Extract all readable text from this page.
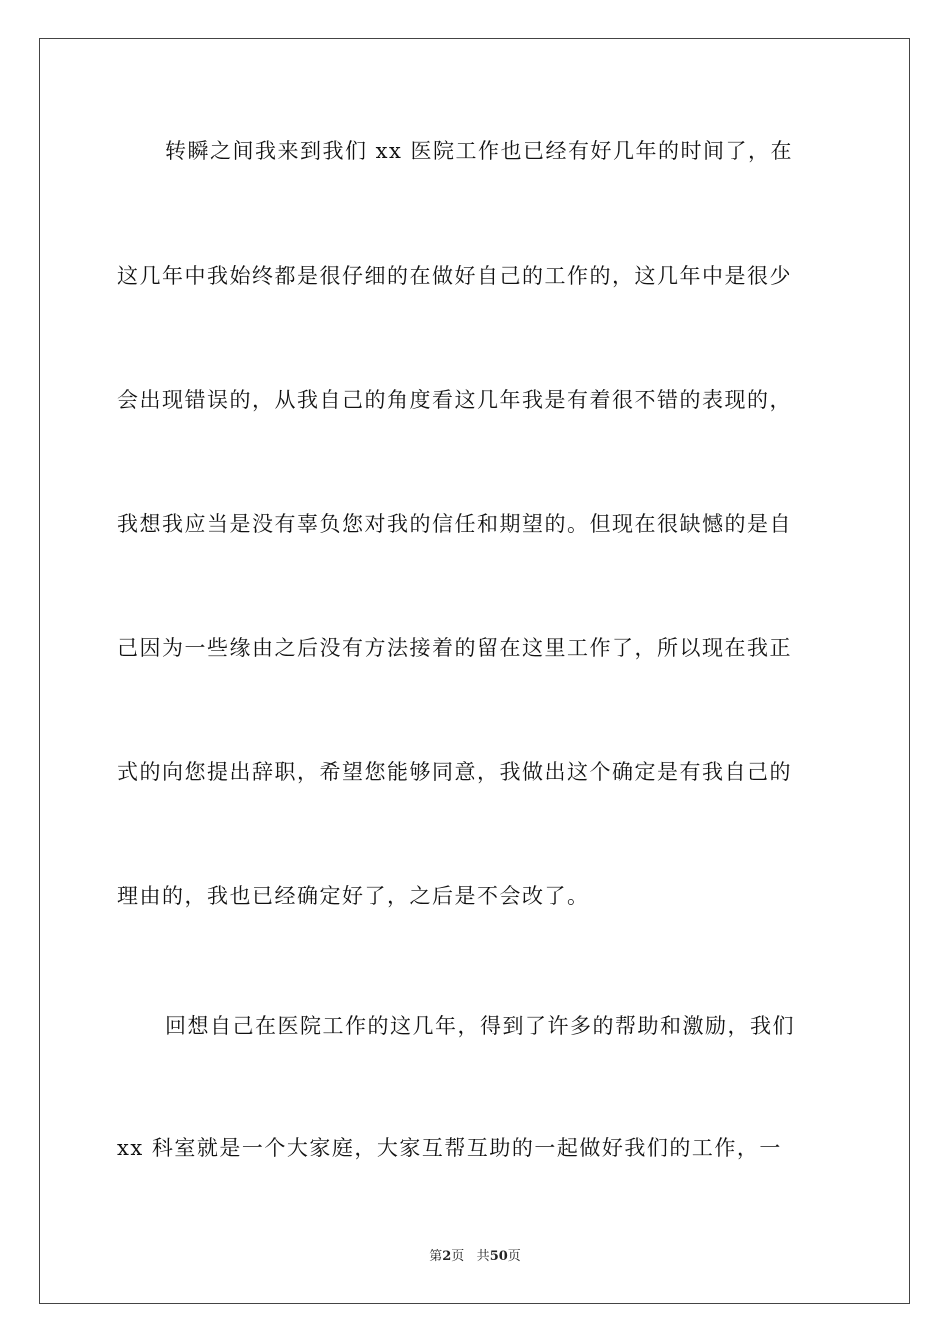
转瞬之间我来到我们 xx 医院工作也已经有好几年的时间了，在
这几年中我始终都是很仔细的在做好自己的工作的，这几年中是很少
会出现错误的，从我自己的角度看这几年我是有着很不错的表现的，
我想我应当是没有辜负您对我的信任和期望的。但现在很缺憾的是自
己因为一些缘由之后没有方法接着的留在这里工作了，所以现在我正
式的向您提出辞职，希望您能够同意，我做出这个确定是有我自己的
理由的，我也已经确定好了，之后是不会改了。
回想自己在医院工作的这几年，得到了许多的帮助和激励，我们
xx 科室就是一个大家庭，大家互帮互助的一起做好我们的工作，一
第2页 共50页
